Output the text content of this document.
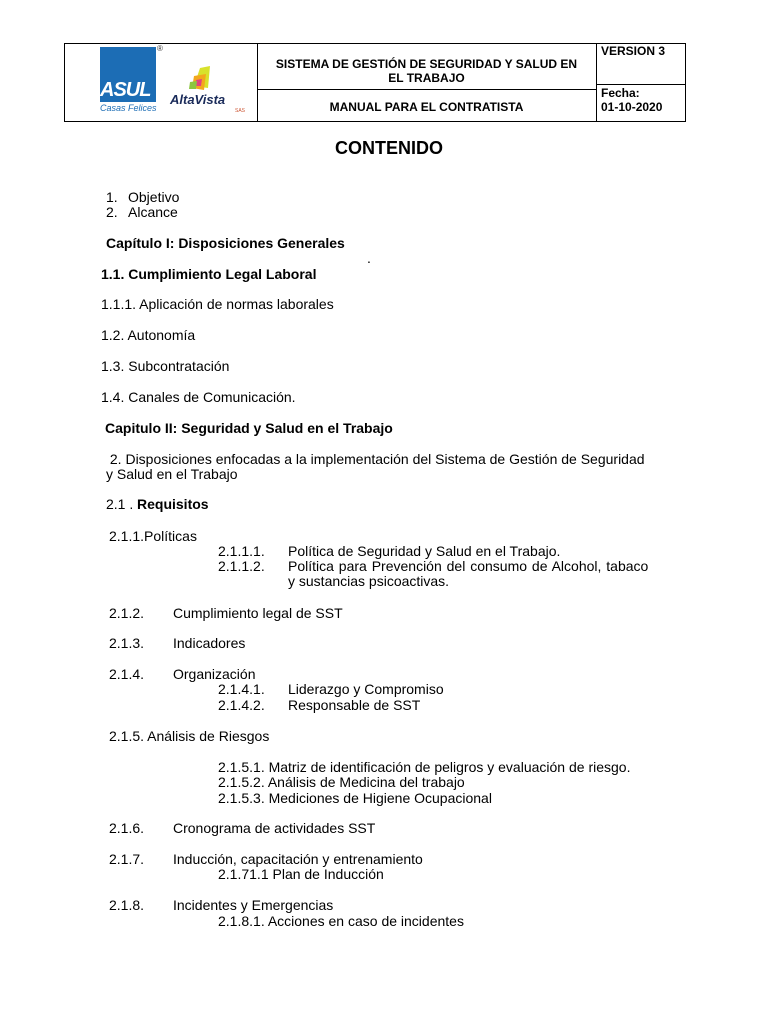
ASUL
Casas Felices
®
AltaVista
SAS
SISTEMA DE GESTIÓN DE SEGURIDAD Y SALUD EN
EL TRABAJO
MANUAL PARA EL CONTRATISTA
VERSION 3
Fecha:
01-10-2020
CONTENIDO
1. Objetivo
2. Alcance
Capítulo I: Disposiciones Generales
.
1.1. Cumplimiento Legal Laboral
1.1.1. Aplicación de normas laborales
1.2. Autonomía
1.3. Subcontratación
1.4. Canales de Comunicación.
Capitulo II: Seguridad y Salud en el Trabajo
2. Disposiciones enfocadas a la implementación del Sistema de Gestión de Seguridad
y Salud en el Trabajo
2.1 . Requisitos
2.1.1.Políticas
2.1.1.1. Política de Seguridad y Salud en el Trabajo.
2.1.1.2. Política para Prevención del consumo de Alcohol, tabaco
y sustancias psicoactivas.
2.1.2. Cumplimiento legal de SST
2.1.3. Indicadores
2.1.4. Organización
2.1.4.1. Liderazgo y Compromiso
2.1.4.2. Responsable de SST
2.1.5. Análisis de Riesgos
2.1.5.1. Matriz de identificación de peligros y evaluación de riesgo.
2.1.5.2. Análisis de Medicina del trabajo
2.1.5.3. Mediciones de Higiene Ocupacional
2.1.6. Cronograma de actividades SST
2.1.7. Inducción, capacitación y entrenamiento
2.1.71.1 Plan de Inducción
2.1.8. Incidentes y Emergencias
2.1.8.1. Acciones en caso de incidentes
